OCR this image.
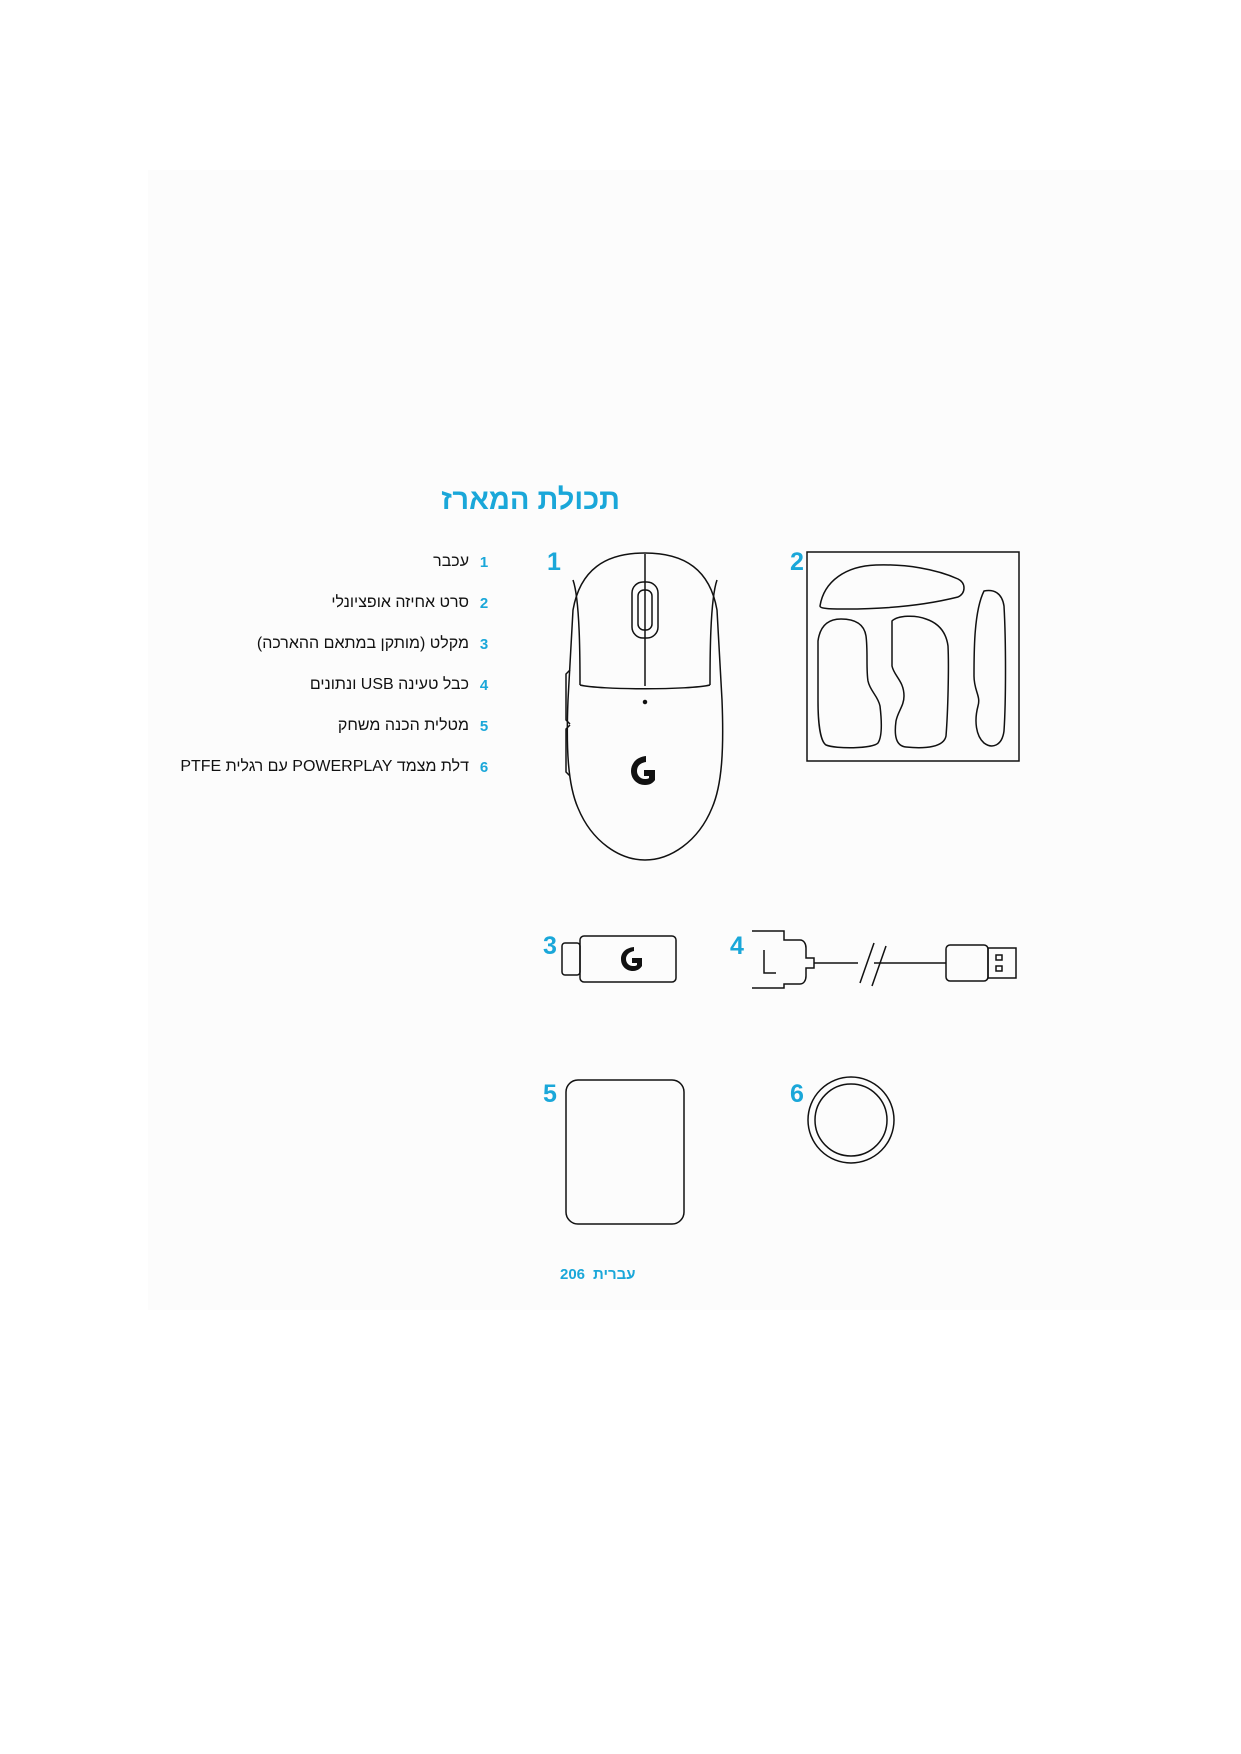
תכולת המארז
עכבר 1
סרט אחיזה אופציונלי 2
מקלט (מותקן במתאם ההארכה) 3
כבל טעינה USB ונתונים 4
מטלית הכנה משחק 5
דלת מצמד POWERPLAY עם רגלית PTFE 6
1	2
3	4
5	6
206 עברית
